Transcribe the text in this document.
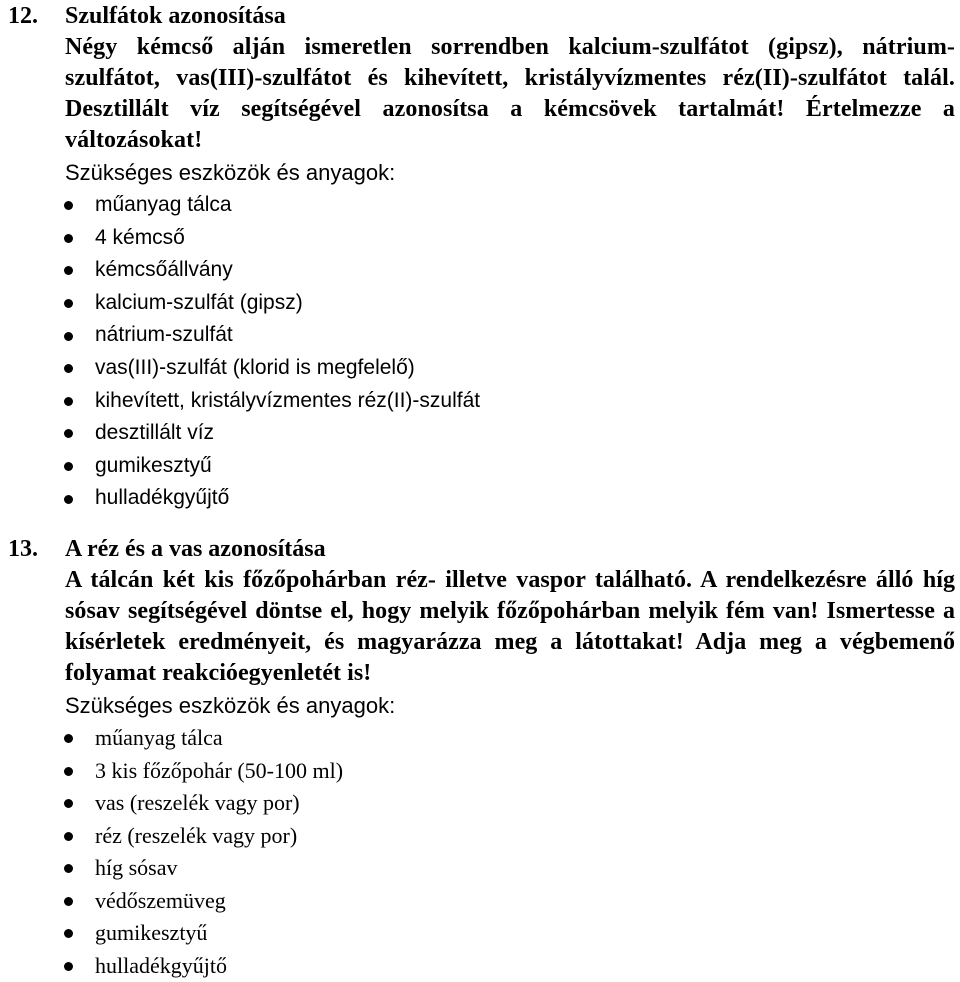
12. Szulfátok azonosítása
Négy kémcső alján ismeretlen sorrendben kalcium-szulfátot (gipsz), nátrium-szulfátot, vas(III)-szulfátot és kihevített, kristályvízmentes réz(II)-szulfátot talál. Desztillált víz segítségével azonosítsa a kémcsövek tartalmát! Értelmezze a változásokat!
Szükséges eszközök és anyagok:
műanyag tálca
4 kémcső
kémcsőállvány
kalcium-szulfát (gipsz)
nátrium-szulfát
vas(III)-szulfát (klorid is megfelelő)
kihevített, kristályvízmentes réz(II)-szulfát
desztillált víz
gumikesztyű
hulladékgyűjtő
13. A réz és a vas azonosítása
A tálcán két kis főzőpohárban réz- illetve vaspor található. A rendelkezésre álló híg sósav segítségével döntse el, hogy melyik főzőpohárban melyik fém van! Ismertesse a kísérletek eredményeit, és magyarázza meg a látottakat! Adja meg a végbemenő folyamat reakcióegyenletét is!
Szükséges eszközök és anyagok:
műanyag tálca
3 kis főzőpohár (50-100 ml)
vas (reszelék vagy por)
réz (reszelék vagy por)
híg sósav
védőszemüveg
gumikesztyű
hulladékgyűjtő
